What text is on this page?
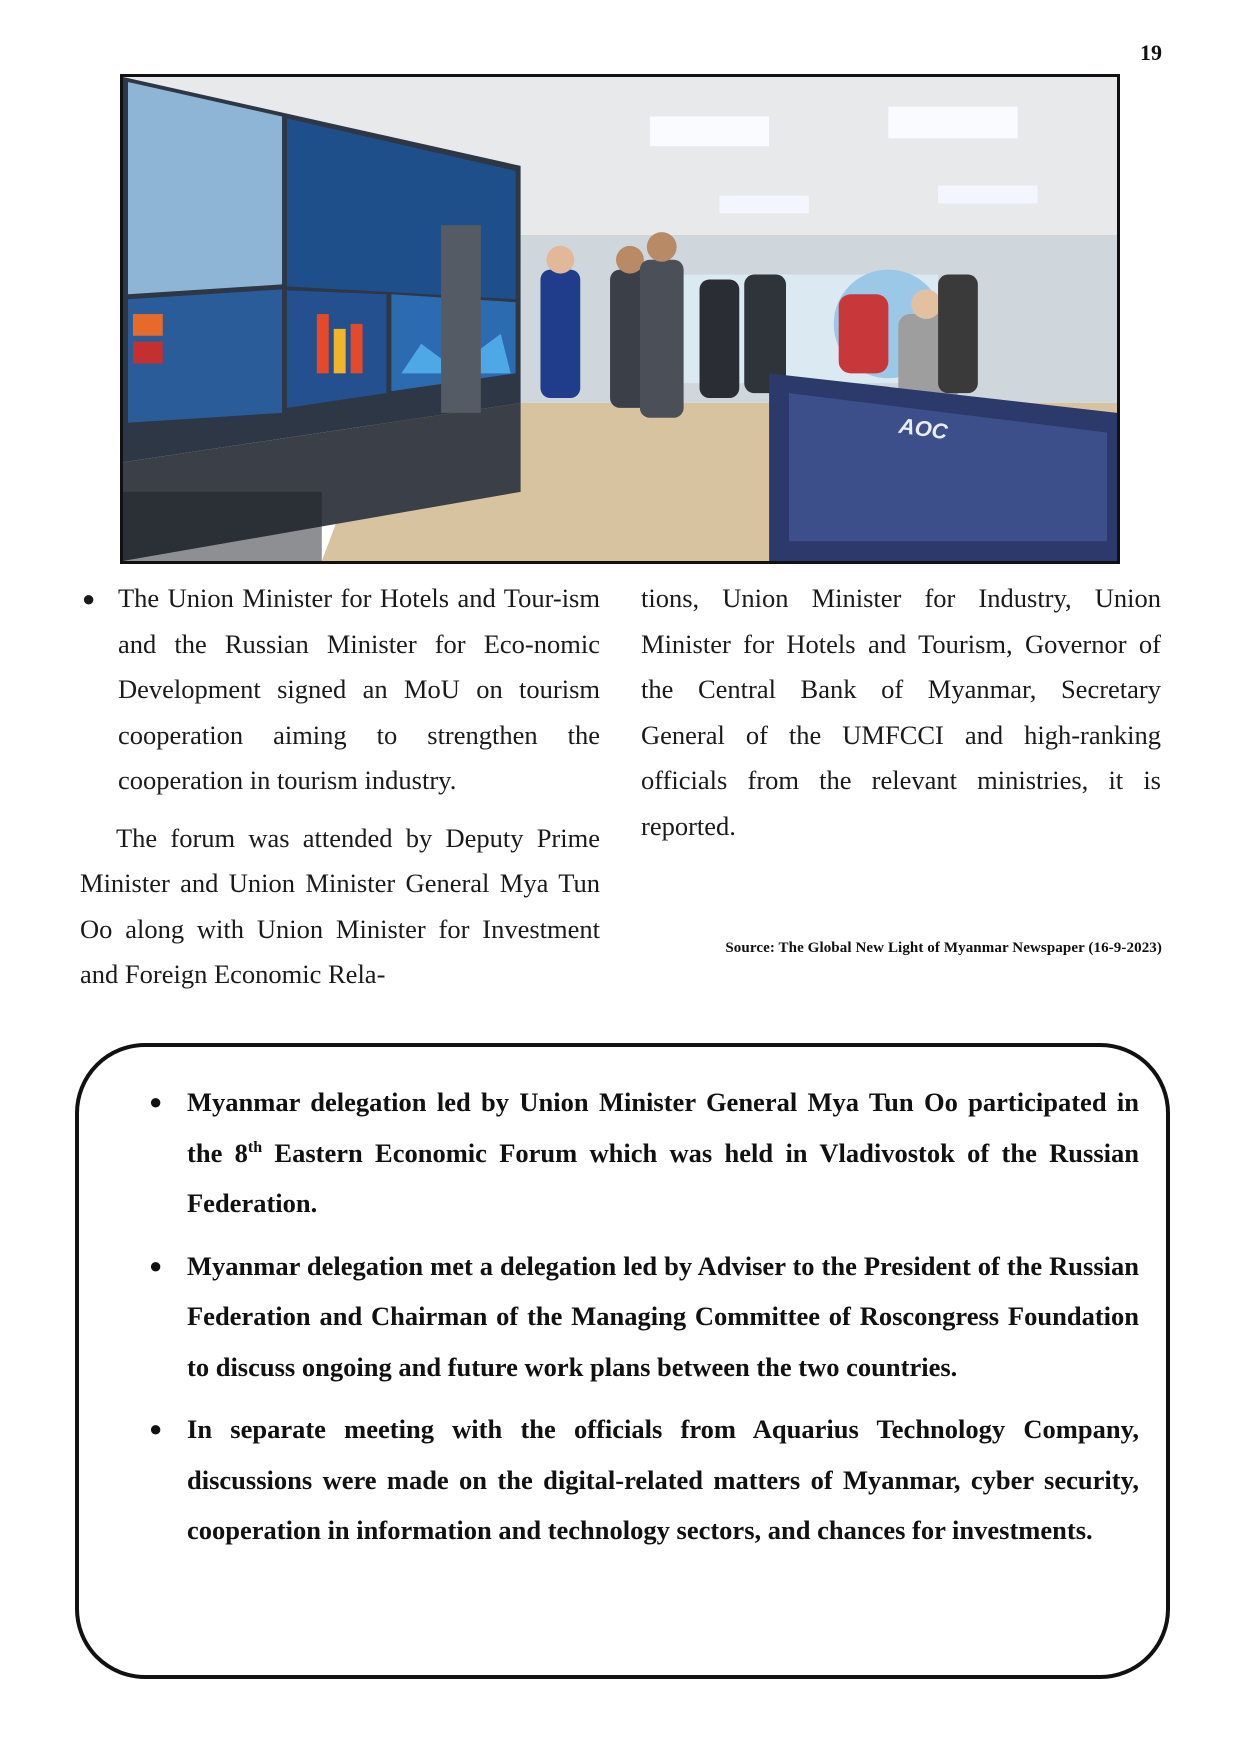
19
AOC

● The Union Minister for Hotels and Tour-ism and the Russian Minister for Eco-nomic Development signed an MoU on tourism cooperation aiming to strengthen the cooperation in tourism industry.

The forum was attended by Deputy Prime Minister and Union Minister General Mya Tun Oo along with Union Minister for Investment and Foreign Economic Rela-

tions, Union Minister for Industry, Union Minister for Hotels and Tourism, Governor of the Central Bank of Myanmar, Secretary General of the UMFCCI and high-ranking officials from the relevant ministries, it is reported.

Source: The Global New Light of Myanmar Newspaper (16-9-2023)
● Myanmar delegation led by Union Minister General Mya Tun Oo participated in the 8th Eastern Economic Forum which was held in Vladivostok of the Russian Federation.
● Myanmar delegation met a delegation led by Adviser to the President of the Russian Federation and Chairman of the Managing Committee of Roscongress Foundation to discuss ongoing and future work plans between the two countries.
● In separate meeting with the officials from Aquarius Technology Company, discussions were made on the digital-related matters of Myanmar, cyber security, cooperation in information and technology sectors, and chances for investments.
